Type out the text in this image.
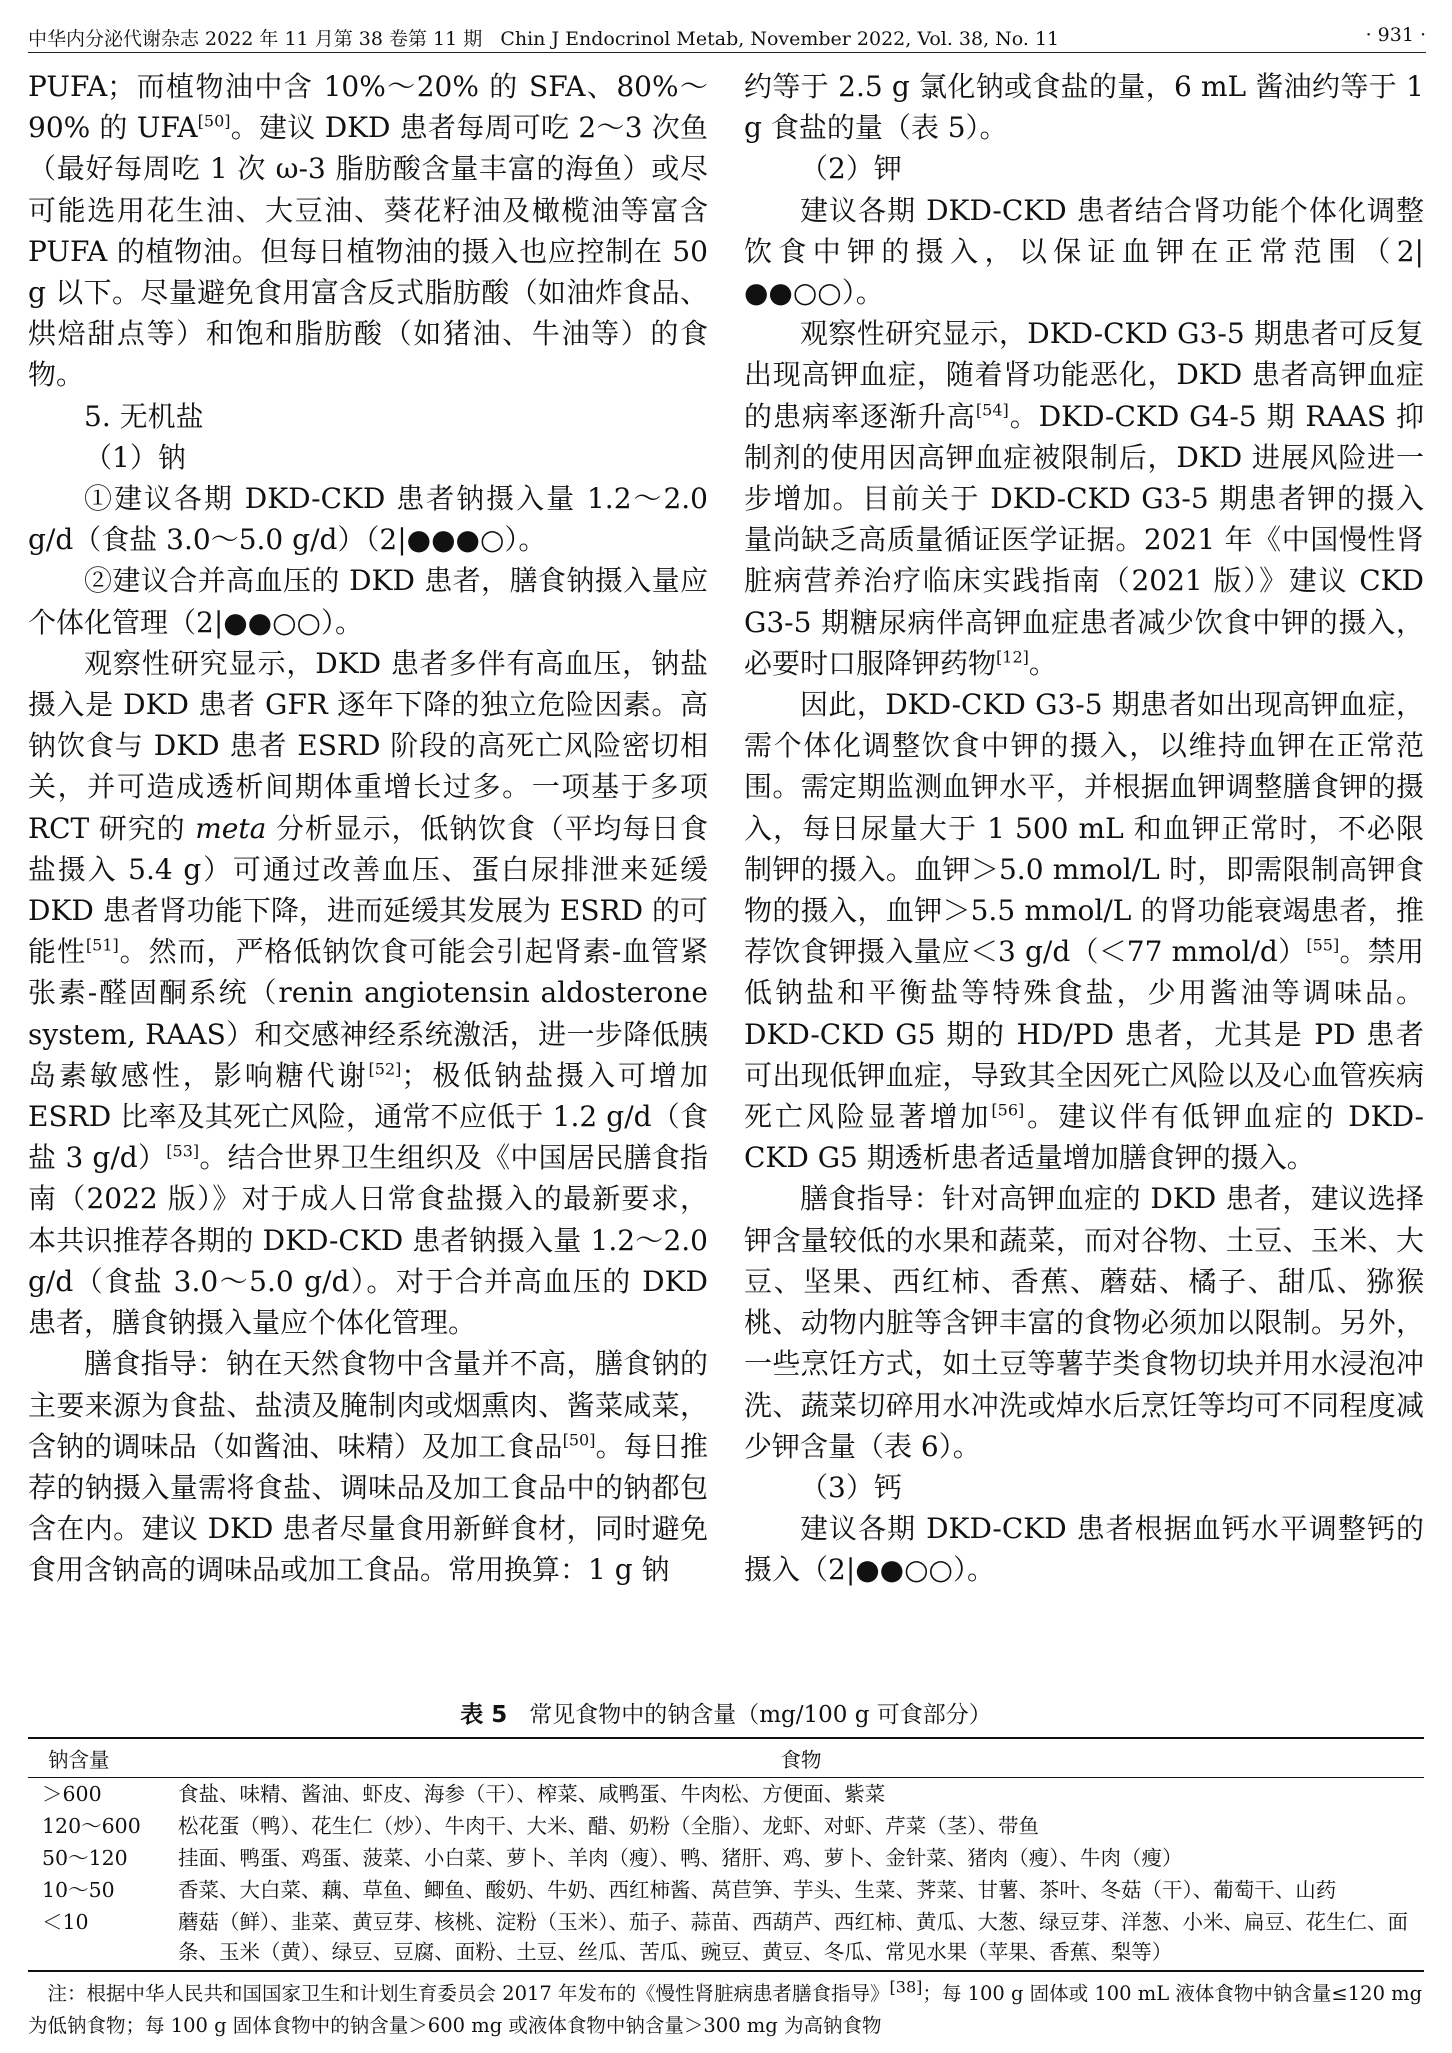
中华内分泌代谢杂志 2022 年 11 月第 38 卷第 11 期 Chin J Endocrinol Metab, November 2022, Vol. 38, No. 11	· 931 ·

PUFA；而植物油中含 10%～20% 的 SFA、80%～90% 的 UFA[50]。建议 DKD 患者每周可吃 2～3 次鱼（最好每周吃 1 次 ω-3 脂肪酸含量丰富的海鱼）或尽可能选用花生油、大豆油、葵花籽油及橄榄油等富含 PUFA 的植物油。但每日植物油的摄入也应控制在 50 g 以下。尽量避免食用富含反式脂肪酸（如油炸食品、烘焙甜点等）和饱和脂肪酸（如猪油、牛油等）的食物。

5. 无机盐

（1）钠

①建议各期 DKD-CKD 患者钠摄入量 1.2～2.0 g/d（食盐 3.0～5.0 g/d）（2|●●●○）。

②建议合并高血压的 DKD 患者，膳食钠摄入量应个体化管理（2|●●○○）。

观察性研究显示，DKD 患者多伴有高血压，钠盐摄入是 DKD 患者 GFR 逐年下降的独立危险因素。高钠饮食与 DKD 患者 ESRD 阶段的高死亡风险密切相关，并可造成透析间期体重增长过多。一项基于多项 RCT 研究的 meta 分析显示，低钠饮食（平均每日食盐摄入 5.4 g）可通过改善血压、蛋白尿排泄来延缓 DKD 患者肾功能下降，进而延缓其发展为 ESRD 的可能性[51]。然而，严格低钠饮食可能会引起肾素-血管紧张素-醛固酮系统（renin angiotensin aldosterone system, RAAS）和交感神经系统激活，进一步降低胰岛素敏感性，影响糖代谢[52]；极低钠盐摄入可增加 ESRD 比率及其死亡风险，通常不应低于 1.2 g/d（食盐 3 g/d）[53]。结合世界卫生组织及《中国居民膳食指南（2022 版）》对于成人日常食盐摄入的最新要求，本共识推荐各期的 DKD-CKD 患者钠摄入量 1.2～2.0 g/d（食盐 3.0～5.0 g/d）。对于合并高血压的 DKD 患者，膳食钠摄入量应个体化管理。

膳食指导：钠在天然食物中含量并不高，膳食钠的主要来源为食盐、盐渍及腌制肉或烟熏肉、酱菜咸菜，含钠的调味品（如酱油、味精）及加工食品[50]。每日推荐的钠摄入量需将食盐、调味品及加工食品中的钠都包含在内。建议 DKD 患者尽量食用新鲜食材，同时避免食用含钠高的调味品或加工食品。常用换算：1 g 钠

约等于 2.5 g 氯化钠或食盐的量，6 mL 酱油约等于 1 g 食盐的量（表 5）。

（2）钾

建议各期 DKD-CKD 患者结合肾功能个体化调整饮食中钾的摄入，以保证血钾在正常范围（2|●●○○）。

观察性研究显示，DKD-CKD G3-5 期患者可反复出现高钾血症，随着肾功能恶化，DKD 患者高钾血症的患病率逐渐升高[54]。DKD-CKD G4-5 期 RAAS 抑制剂的使用因高钾血症被限制后，DKD 进展风险进一步增加。目前关于 DKD-CKD G3-5 期患者钾的摄入量尚缺乏高质量循证医学证据。2021 年《中国慢性肾脏病营养治疗临床实践指南（2021 版）》建议 CKD G3-5 期糖尿病伴高钾血症患者减少饮食中钾的摄入，必要时口服降钾药物[12]。

因此，DKD-CKD G3-5 期患者如出现高钾血症，需个体化调整饮食中钾的摄入，以维持血钾在正常范围。需定期监测血钾水平，并根据血钾调整膳食钾的摄入，每日尿量大于 1 500 mL 和血钾正常时，不必限制钾的摄入。血钾＞5.0 mmol/L 时，即需限制高钾食物的摄入，血钾＞5.5 mmol/L 的肾功能衰竭患者，推荐饮食钾摄入量应＜3 g/d（＜77 mmol/d）[55]。禁用低钠盐和平衡盐等特殊食盐，少用酱油等调味品。DKD-CKD G5 期的 HD/PD 患者，尤其是 PD 患者可出现低钾血症，导致其全因死亡风险以及心血管疾病死亡风险显著增加[56]。建议伴有低钾血症的 DKD-CKD G5 期透析患者适量增加膳食钾的摄入。

膳食指导：针对高钾血症的 DKD 患者，建议选择钾含量较低的水果和蔬菜，而对谷物、土豆、玉米、大豆、坚果、西红柿、香蕉、蘑菇、橘子、甜瓜、猕猴桃、动物内脏等含钾丰富的食物必须加以限制。另外，一些烹饪方式，如土豆等薯芋类食物切块并用水浸泡冲洗、蔬菜切碎用水冲洗或焯水后烹饪等均可不同程度减少钾含量（表 6）。

（3）钙

建议各期 DKD-CKD 患者根据血钙水平调整钙的摄入（2|●●○○）。

表 5 常见食物中的钠含量（mg/100 g 可食部分）
钠含量	食物
＞600	食盐、味精、酱油、虾皮、海参（干）、榨菜、咸鸭蛋、牛肉松、方便面、紫菜
120～600	松花蛋（鸭）、花生仁（炒）、牛肉干、大米、醋、奶粉（全脂）、龙虾、对虾、芹菜（茎）、带鱼
50～120	挂面、鸭蛋、鸡蛋、菠菜、小白菜、萝卜、羊肉（瘦）、鸭、猪肝、鸡、萝卜、金针菜、猪肉（瘦）、牛肉（瘦）
10～50	香菜、大白菜、藕、草鱼、鲫鱼、酸奶、牛奶、西红柿酱、莴苣笋、芋头、生菜、荠菜、甘薯、茶叶、冬菇（干）、葡萄干、山药
＜10	蘑菇（鲜）、韭菜、黄豆芽、核桃、淀粉（玉米）、茄子、蒜苗、西葫芦、西红柿、黄瓜、大葱、绿豆芽、洋葱、小米、扁豆、花生仁、面条、玉米（黄）、绿豆、豆腐、面粉、土豆、丝瓜、苦瓜、豌豆、黄豆、冬瓜、常见水果（苹果、香蕉、梨等）
注：根据中华人民共和国国家卫生和计划生育委员会 2017 年发布的《慢性肾脏病患者膳食指导》[38]；每 100 g 固体或 100 mL 液体食物中钠含量≤120 mg 为低钠食物；每 100 g 固体食物中的钠含量＞600 mg 或液体食物中钠含量＞300 mg 为高钠食物
